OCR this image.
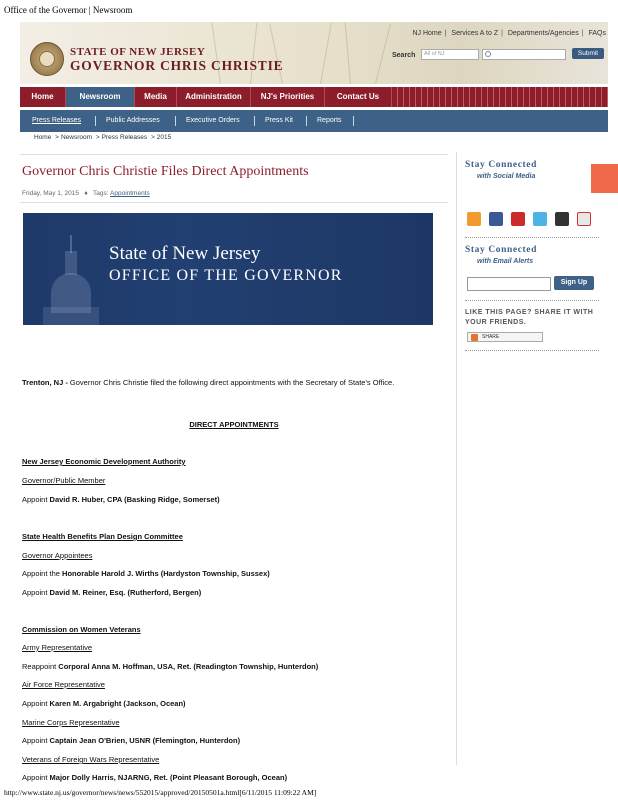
Office of the Governor | Newsroom
STATE OF NEW JERSEY
GOVERNOR CHRIS CHRISTIE
NJ Home | Services A to Z | Departments/Agencies | FAQs
Search	All of NJ	Submit
Home	Newsroom	Media	Administration	NJ's Priorities	Contact Us
Press Releases	Public Addresses	Executive Orders	Press Kit	Reports
Home > Newsroom > Press Releases > 2015
Governor Chris Christie Files Direct Appointments
Friday, May 1, 2015   ♦   Tags: Appointments
State of New Jersey
OFFICE OF THE GOVERNOR
Trenton, NJ - Governor Chris Christie filed the following direct appointments with the Secretary of State's Office.
DIRECT APPOINTMENTS
New Jersey Economic Development Authority
Governor/Public Member
Appoint David R. Huber, CPA (Basking Ridge, Somerset)
State Health Benefits Plan Design Committee
Governor Appointees
Appoint the Honorable Harold J. Wirths (Hardyston Township, Sussex)
Appoint David M. Reiner, Esq. (Rutherford, Bergen)
Commission on Women Veterans
Army Representative
Reappoint Corporal Anna M. Hoffman, USA, Ret. (Readington Township, Hunterdon)
Air Force Representative
Appoint Karen M. Argabright (Jackson, Ocean)
Marine Corps Representative
Appoint Captain Jean O'Brien, USNR (Flemington, Hunterdon)
Veterans of Foreign Wars Representative
Appoint Major Dolly Harris, NJARNG, Ret. (Point Pleasant Borough, Ocean)
Stay Connected
with Social Media
Stay Connected
with Email Alerts
Sign Up
LIKE THIS PAGE? SHARE IT WITH YOUR FRIENDS.
SHARE
http://www.state.nj.us/governor/news/news/552015/approved/20150501a.html[6/11/2015 11:09:22 AM]
